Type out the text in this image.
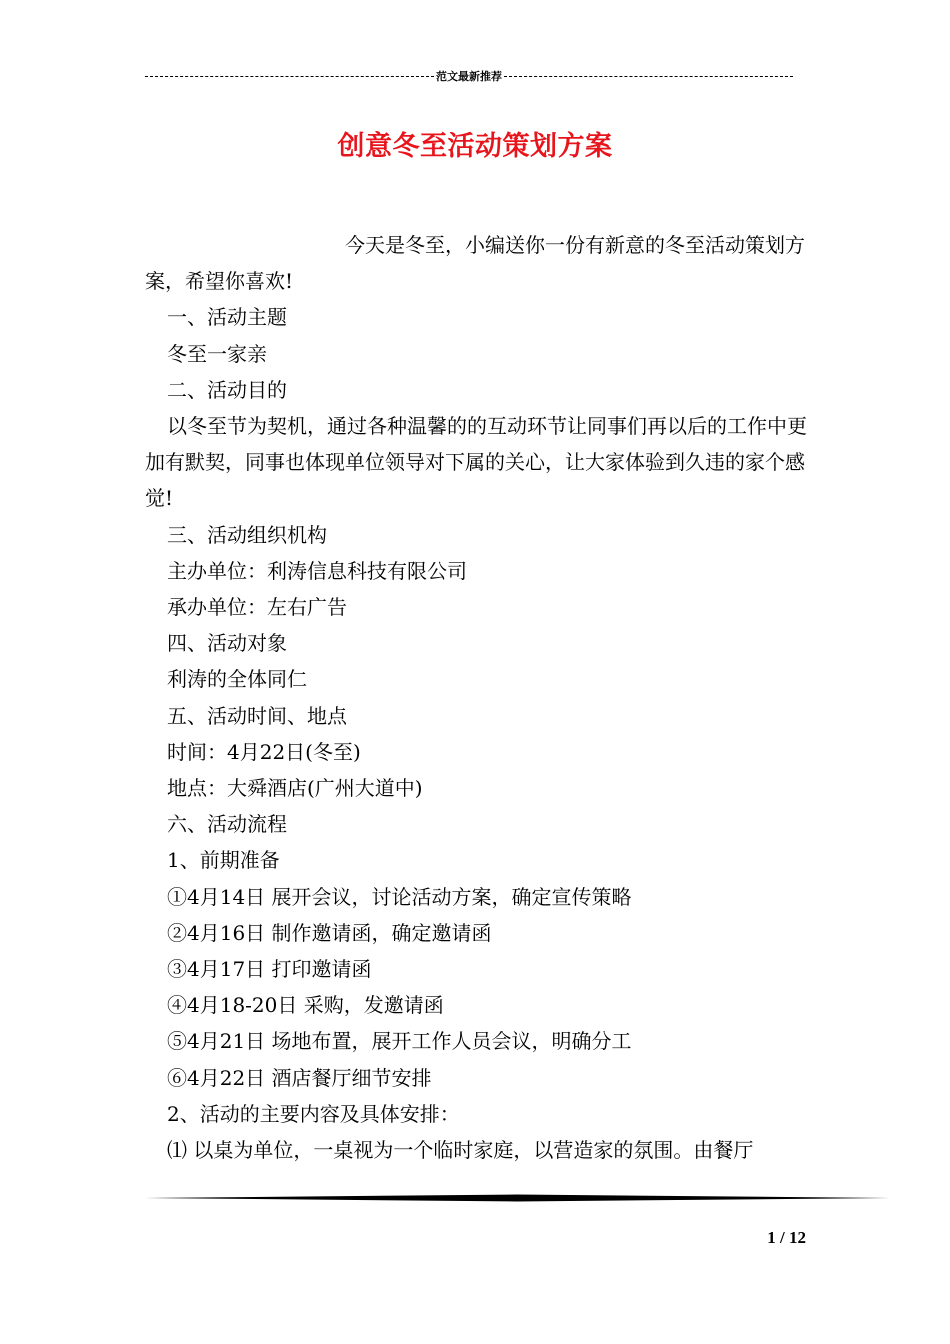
范文最新推荐
创意冬至活动策划方案

今天是冬至，小编送你一份有新意的冬至活动策划方案，希望你喜欢!

一、活动主题

冬至一家亲

二、活动目的

以冬至节为契机，通过各种温馨的的互动环节让同事们再以后的工作中更加有默契，同事也体现单位领导对下属的关心，让大家体验到久违的家个感觉!

三、活动组织机构

主办单位：利涛信息科技有限公司

承办单位：左右广告

四、活动对象

利涛的全体同仁

五、活动时间、地点

时间：4月22日(冬至)

地点：大舜酒店(广州大道中)

六、活动流程

1、前期准备

①4月14日 展开会议，讨论活动方案，确定宣传策略

②4月16日 制作邀请函，确定邀请函

③4月17日 打印邀请函

④4月18-20日 采购，发邀请函

⑤4月21日 场地布置，展开工作人员会议，明确分工

⑥4月22日 酒店餐厅细节安排

2、活动的主要内容及具体安排：

⑴ 以桌为单位，一桌视为一个临时家庭，以营造家的氛围。由餐厅

1 / 12
